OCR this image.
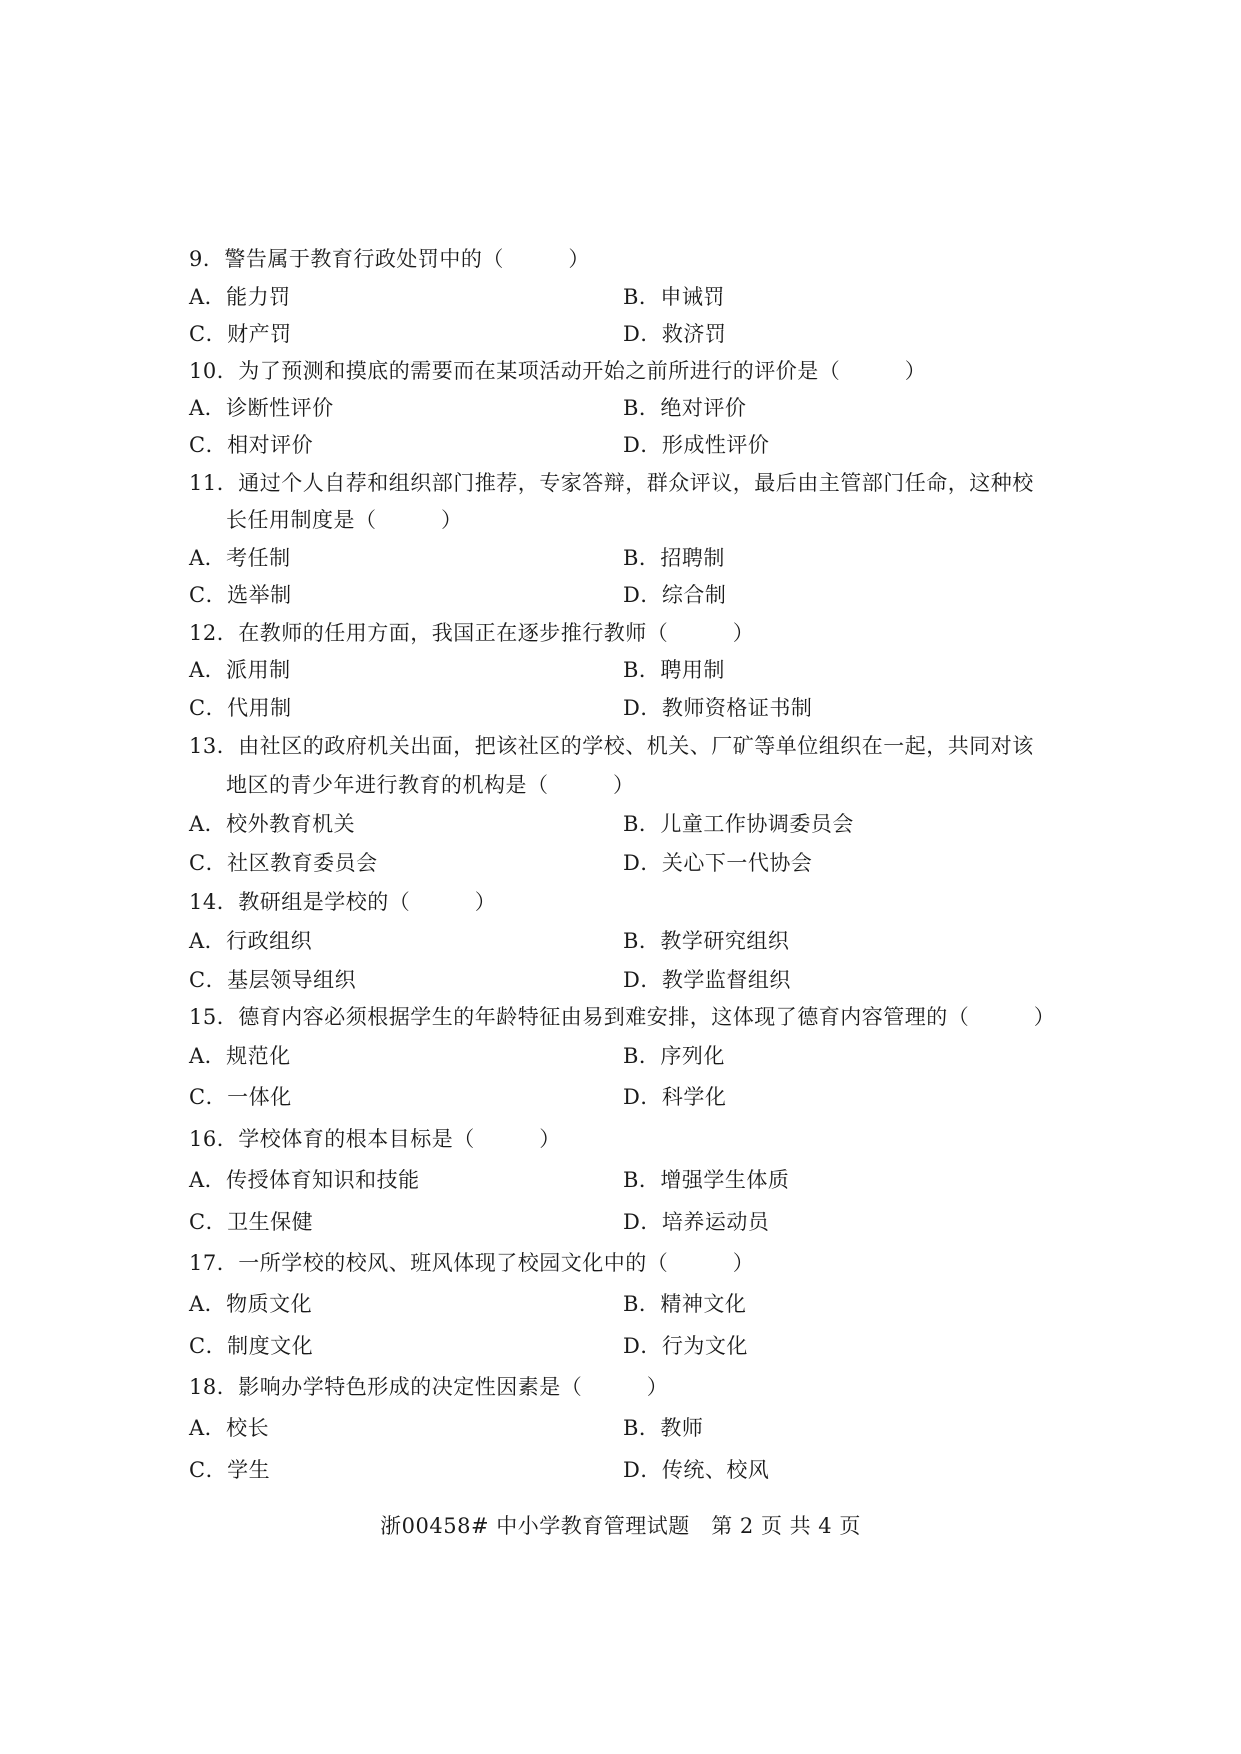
9．警告属于教育行政处罚中的（　　　）
A．能力罚	B．申诫罚
C．财产罚	D．救济罚
10．为了预测和摸底的需要而在某项活动开始之前所进行的评价是（　　　）
A．诊断性评价	B．绝对评价
C．相对评价	D．形成性评价
11．通过个人自荐和组织部门推荐，专家答辩，群众评议，最后由主管部门任命，这种校
长任用制度是（　　　）
A．考任制	B．招聘制
C．选举制	D．综合制
12．在教师的任用方面，我国正在逐步推行教师（　　　）
A．派用制	B．聘用制
C．代用制	D．教师资格证书制
13．由社区的政府机关出面，把该社区的学校、机关、厂矿等单位组织在一起，共同对该
地区的青少年进行教育的机构是（　　　）
A．校外教育机关	B．儿童工作协调委员会
C．社区教育委员会	D．关心下一代协会
14．教研组是学校的（　　　）
A．行政组织	B．教学研究组织
C．基层领导组织	D．教学监督组织
15．德育内容必须根据学生的年龄特征由易到难安排，这体现了德育内容管理的（　　　）
A．规范化	B．序列化
C．一体化	D．科学化
16．学校体育的根本目标是（　　　）
A．传授体育知识和技能	B．增强学生体质
C．卫生保健	D．培养运动员
17．一所学校的校风、班风体现了校园文化中的（　　　）
A．物质文化	B．精神文化
C．制度文化	D．行为文化
18．影响办学特色形成的决定性因素是（　　　）
A．校长	B．教师
C．学生	D．传统、校风
浙00458# 中小学教育管理试题　第 2 页 共 4 页
